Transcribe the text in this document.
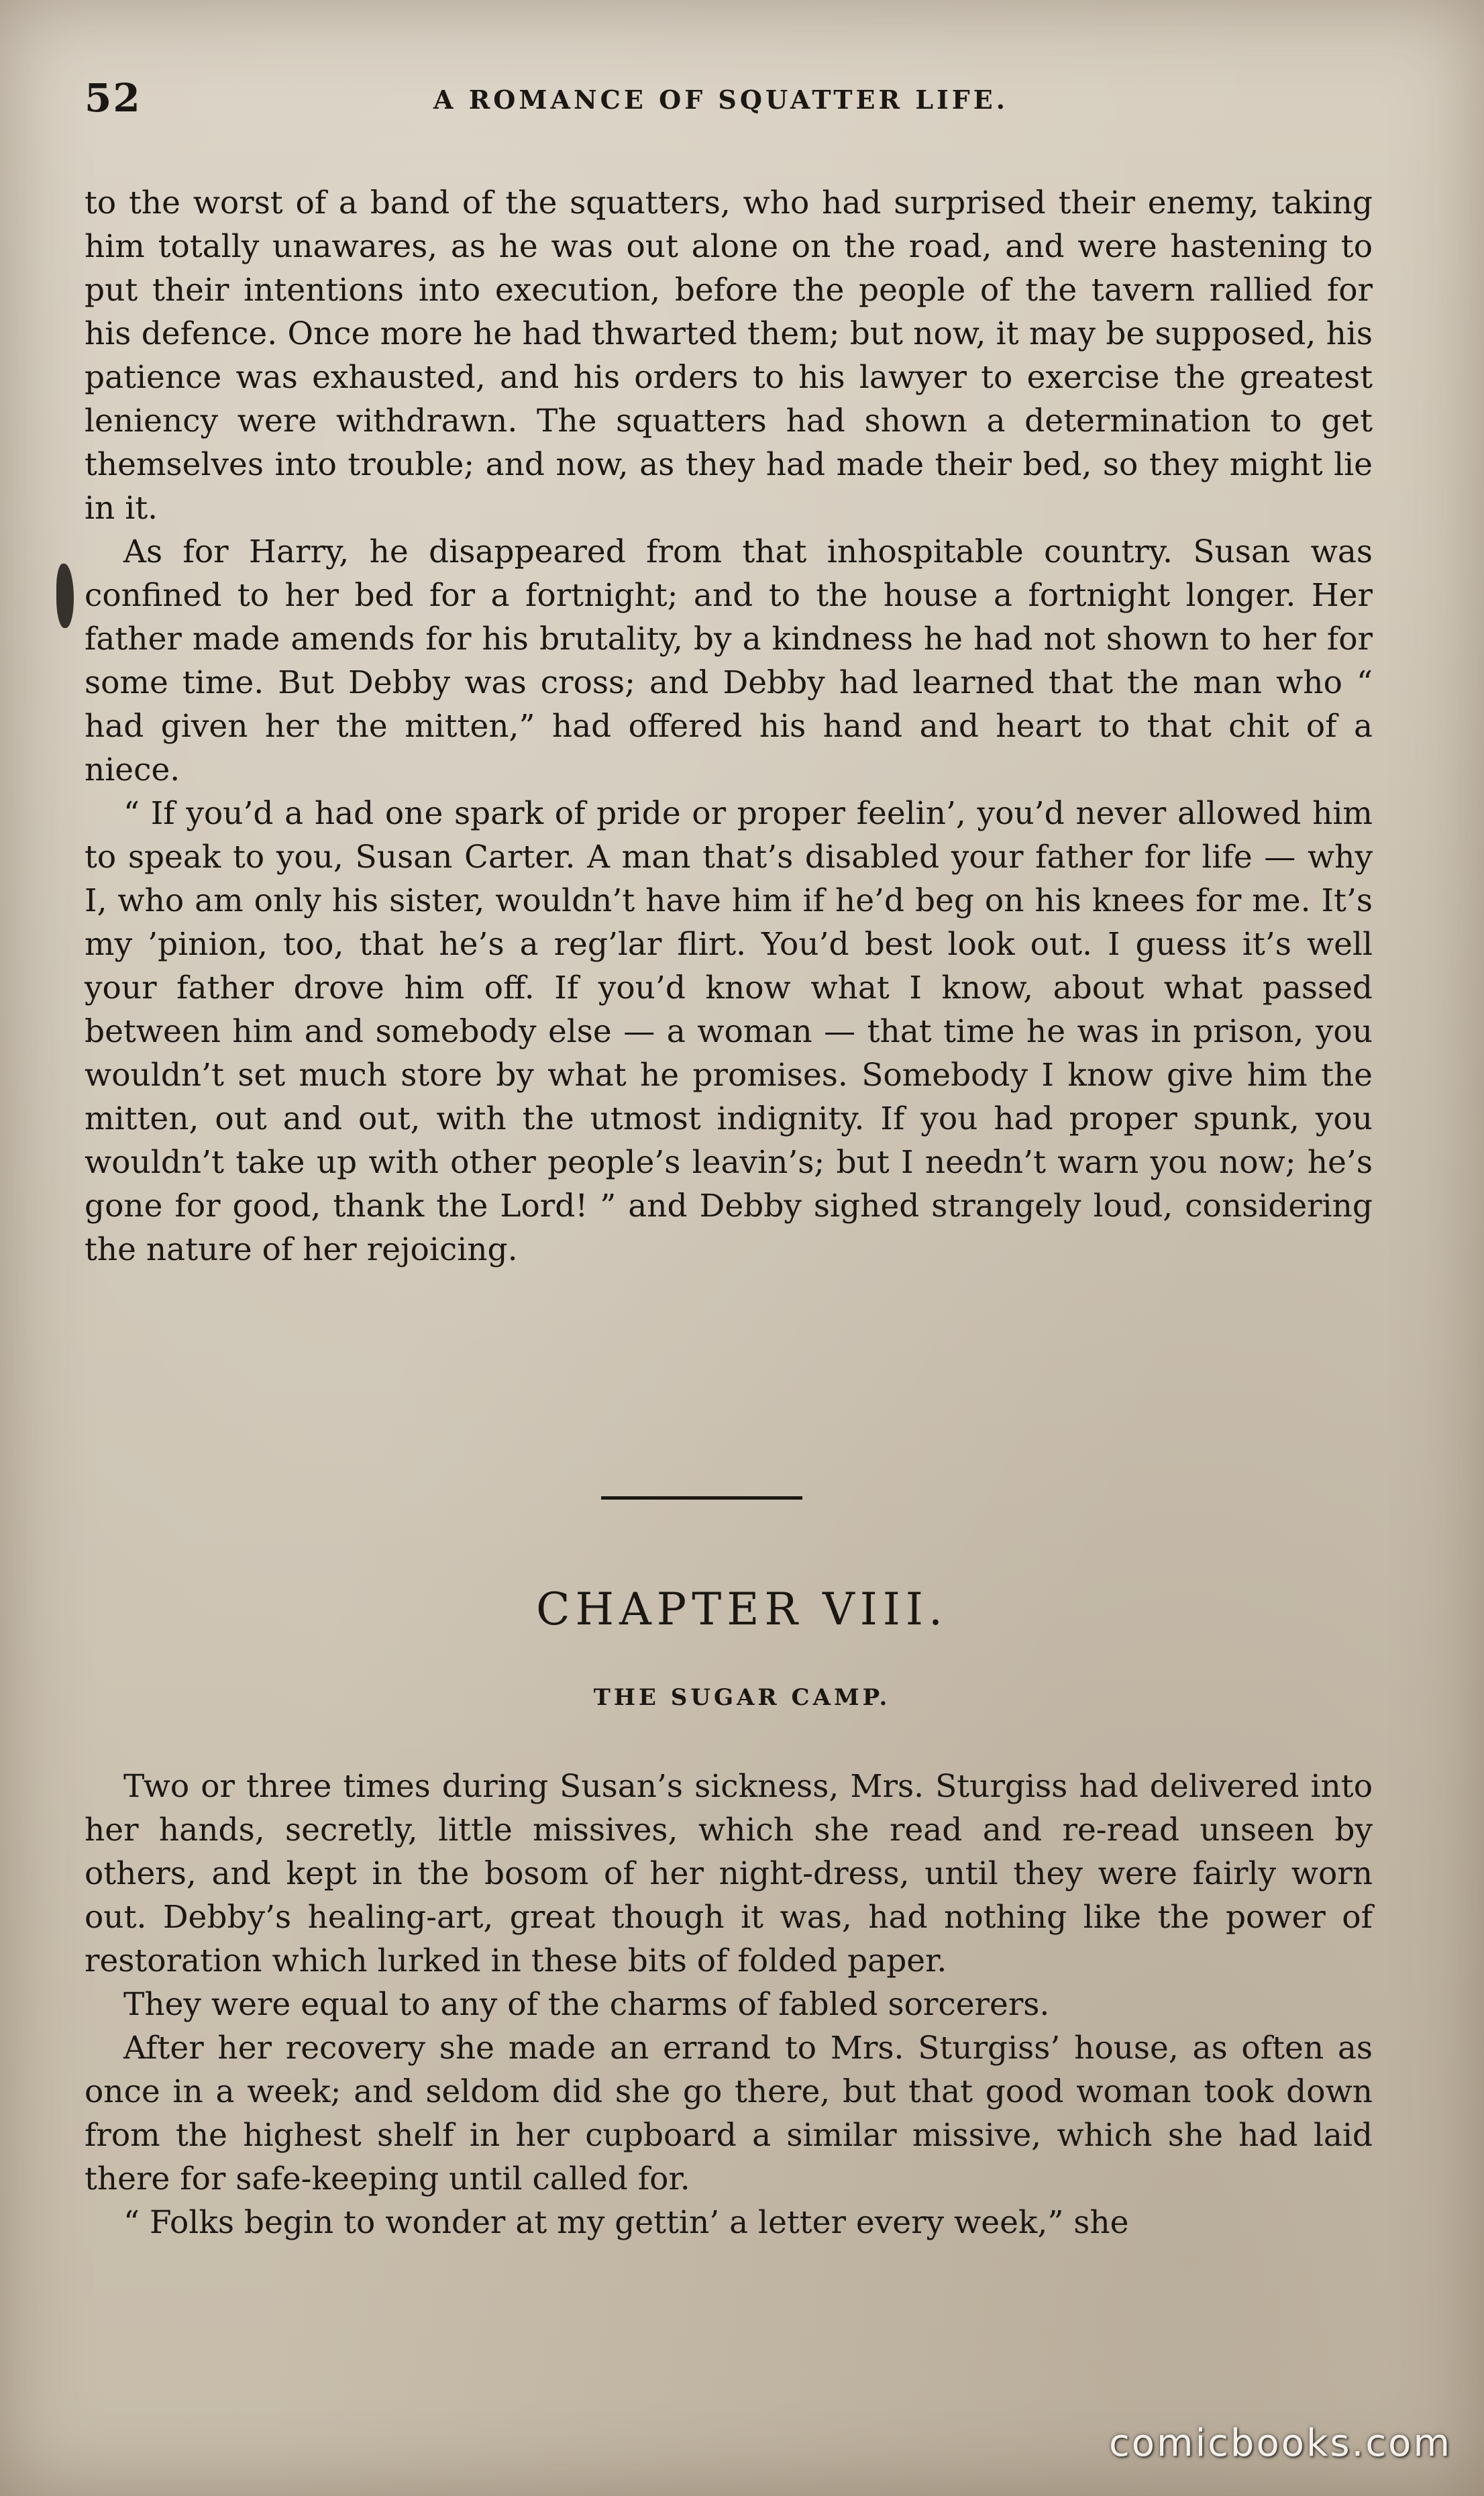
52	A ROMANCE OF SQUATTER LIFE.

to the worst of a band of the squatters, who had surprised their enemy, taking him totally unawares, as he was out alone on the road, and were hastening to put their intentions into execution, before the people of the tavern rallied for his defence. Once more he had thwarted them; but now, it may be supposed, his patience was exhausted, and his orders to his lawyer to exercise the greatest leniency were withdrawn. The squatters had shown a determination to get themselves into trouble; and now, as they had made their bed, so they might lie in it.

As for Harry, he disappeared from that inhospitable country. Susan was confined to her bed for a fortnight; and to the house a fortnight longer. Her father made amends for his brutality, by a kindness he had not shown to her for some time. But Debby was cross; and Debby had learned that the man who “ had given her the mitten,” had offered his hand and heart to that chit of a niece.

“ If you’d a had one spark of pride or proper feelin’, you’d never allowed him to speak to you, Susan Carter. A man that’s disabled your father for life — why I, who am only his sister, wouldn’t have him if he’d beg on his knees for me. It’s my ’pinion, too, that he’s a reg’lar flirt. You’d best look out. I guess it’s well your father drove him off. If you’d know what I know, about what passed between him and somebody else — a woman — that time he was in prison, you wouldn’t set much store by what he promises. Somebody I know give him the mitten, out and out, with the utmost indignity. If you had proper spunk, you wouldn’t take up with other people’s leavin’s; but I needn’t warn you now; he’s gone for good, thank the Lord! ” and Debby sighed strangely loud, considering the nature of her rejoicing.

CHAPTER VIII.
THE SUGAR CAMP.

Two or three times during Susan’s sickness, Mrs. Sturgiss had delivered into her hands, secretly, little missives, which she read and re-read unseen by others, and kept in the bosom of her night-dress, until they were fairly worn out. Debby’s healing-art, great though it was, had nothing like the power of restoration which lurked in these bits of folded paper.

They were equal to any of the charms of fabled sorcerers.

After her recovery she made an errand to Mrs. Sturgiss’ house, as often as once in a week; and seldom did she go there, but that good woman took down from the highest shelf in her cupboard a similar missive, which she had laid there for safe-keeping until called for.

“ Folks begin to wonder at my gettin’ a letter every week,” she

comicbooks.com
